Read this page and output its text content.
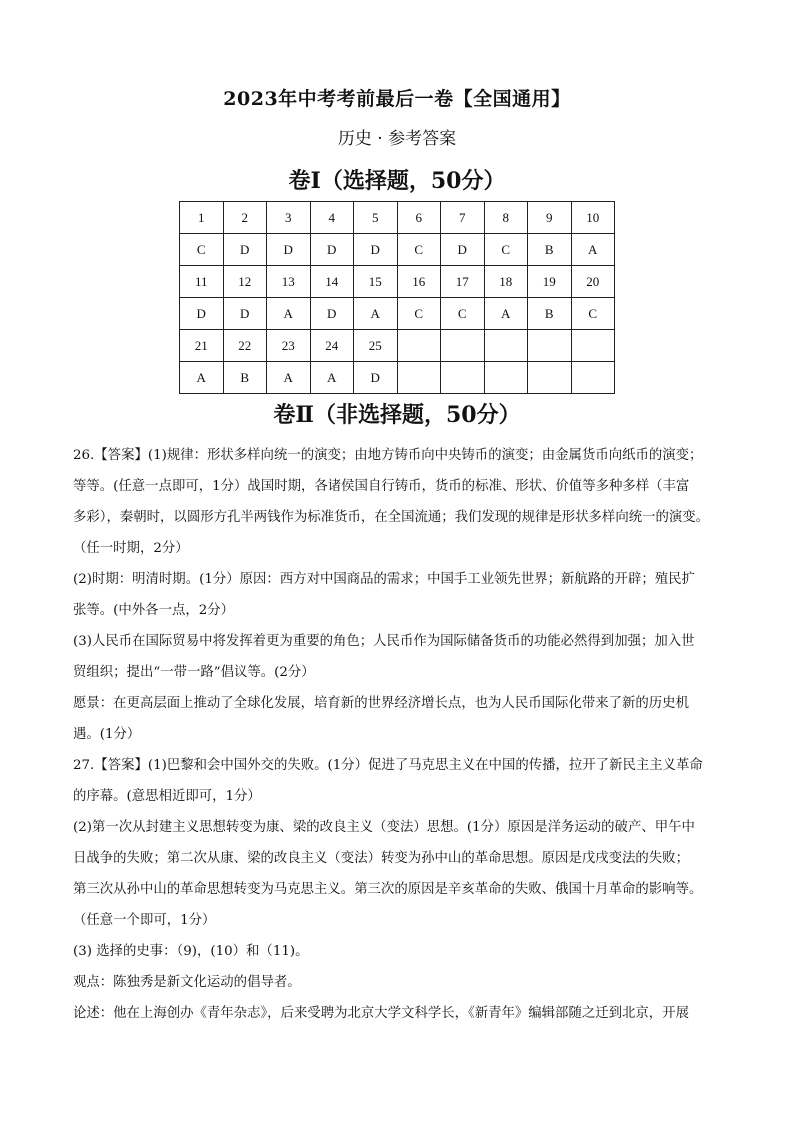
2023年中考考前最后一卷【全国通用】
历史 · 参考答案
卷Ⅰ（选择题，50分）
1	2	3	4	5	6	7	8	9	10
C	D	D	D	D	C	D	C	B	A
11	12	13	14	15	16	17	18	19	20
D	D	A	D	A	C	C	A	B	C
21	22	23	24	25					
A	B	A	A	D					
卷Ⅱ（非选择题，50分）

26.【答案】(1)规律：形状多样向统一的演变；由地方铸币向中央铸币的演变；由金属货币向纸币的演变；

等等。(任意一点即可，1分）战国时期，各诸侯国自行铸币，货币的标准、形状、价值等多种多样（丰富

多彩），秦朝时，以圆形方孔半两钱作为标准货币，在全国流通；我们发现的规律是形状多样向统一的演变。

（任一时期，2分）

(2)时期：明清时期。(1分）原因：西方对中国商品的需求；中国手工业领先世界；新航路的开辟；殖民扩

张等。(中外各一点，2分）

(3)人民币在国际贸易中将发挥着更为重要的角色；人民币作为国际储备货币的功能必然得到加强；加入世

贸组织；提出“一带一路”倡议等。(2分）

愿景：在更高层面上推动了全球化发展，培育新的世界经济增长点，也为人民币国际化带来了新的历史机

遇。(1分）

27.【答案】(1)巴黎和会中国外交的失败。(1分）促进了马克思主义在中国的传播，拉开了新民主主义革命

的序幕。(意思相近即可，1分）

(2)第一次从封建主义思想转变为康、梁的改良主义（变法）思想。(1分）原因是洋务运动的破产、甲午中

日战争的失败；第二次从康、梁的改良主义（变法）转变为孙中山的革命思想。原因是戊戌变法的失败；

第三次从孙中山的革命思想转变为马克思主义。第三次的原因是辛亥革命的失败、俄国十月革命的影响等。

（任意一个即可，1分）

(3) 选择的史事：（9)，(10）和（11)。

观点：陈独秀是新文化运动的倡导者。

论述：他在上海创办《青年杂志》，后来受聘为北京大学文科学长，《新青年》编辑部随之迁到北京，开展
